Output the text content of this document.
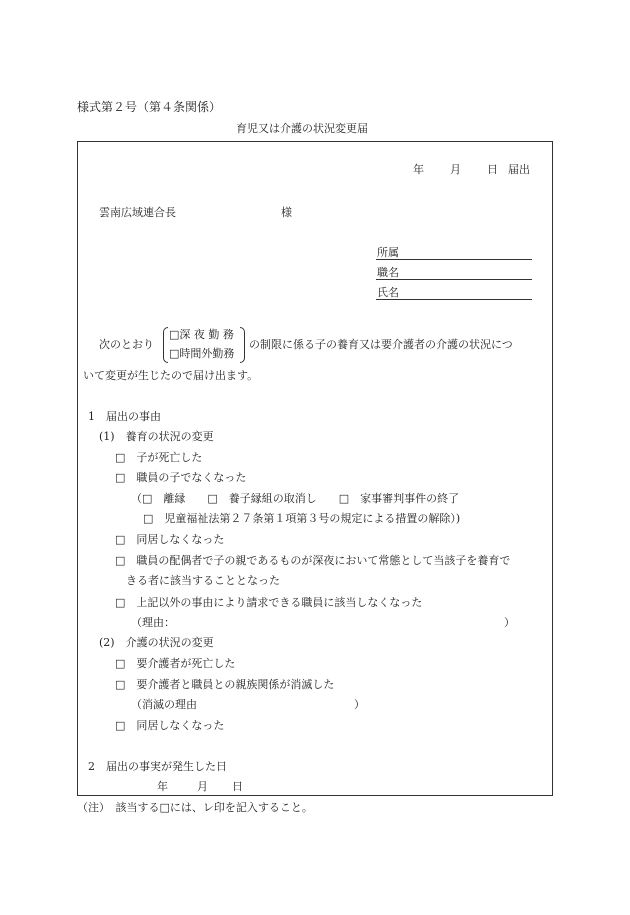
様式第２号（第４条関係）
育児又は介護の状況変更届
年 月 日 届出
雲南広域連合長	様
所属
職名
氏名
次のとおり
□深 夜 勤 務
□時間外勤務
の制限に係る子の養育又は要介護者の介護の状況につ
いて変更が生じたので届け出ます。
1　届出の事由
(1)　養育の状況の変更
□　子が死亡した
□　職員の子でなくなった
（□　離縁　　□　養子縁組の取消し　　□　家事審判事件の終了
□　児童福祉法第２７条第１項第３号の規定による措置の解除）)
□　同居しなくなった
□　職員の配偶者で子の親であるものが深夜において常態として当該子を養育で
きる者に該当することとなった
□　上記以外の事由により請求できる職員に該当しなくなった
（理由：	）
(2)　介護の状況の変更
□　要介護者が死亡した
□　要介護者と職員との親族関係が消滅した
（消滅の理由	）
□　同居しなくなった
2　届出の事実が発生した日
年	月 日
（注）　該当する□には、レ印を記入すること。
